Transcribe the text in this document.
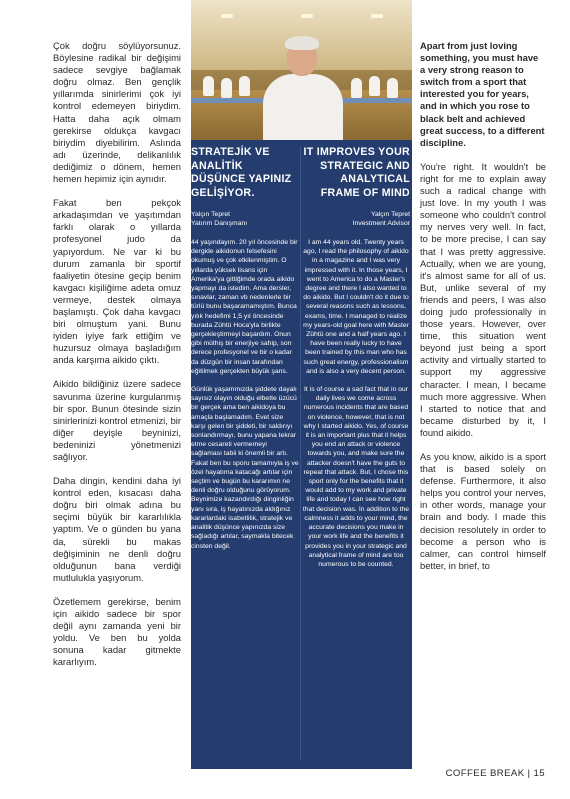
Çok doğru söylüyorsunuz. Böylesine radikal bir değişimi sadece sevgiye bağlamak doğru olmaz. Ben gençlik yıllarımda sinirlerimi çok iyi kontrol edemeyen biriydim. Hatta daha açık olmam gerekirse oldukça kavgacı biriydim diyebilirim. Aslında adı üzerinde, delikanlılık dediğimiz o dönem, hemen hemen hepimiz için aynıdır.

Fakat ben pekçok arkadaşımdan ve yaşıtımdan farklı olarak o yıllarda profesyonel judo da yapıyordum. Ne var ki bu durum zamanla bir sportif faaliyetin ötesine geçip benim kavgacı kişiliğime adeta omuz vermeye, destek olmaya başlamıştı. Çok daha kavgacı biri olmuştum yani. Bunu iyiden iyiye fark ettiğim ve huzursuz olmaya başladığım anda karşıma aikido çıktı.

Aikido bildiğiniz üzere sadece savunma üzerine kurgulanmış bir spor. Bunun ötesinde sizin sinirlerinizi kontrol etmenizi, bir diğer deyişle beyninizi, bedeninizi yönetmenizi sağlıyor.

Daha dingin, kendini daha iyi kontrol eden, kısacası daha doğru biri olmak adına bu seçimi büyük bir kararlılıkla yaptım. Ve o günden bu yana da, sürekli bu makas değişiminin ne denli doğru olduğunun bana verdiği mutlulukla yaşıyorum.

Özetlemem gerekirse, benim için aikido sadece bir spor değil aynı zamanda yeni bir yoldu. Ve ben bu yolda sonuna kadar gitmekte kararlıyım.

STRATEJİK VE ANALİTİK DÜŞÜNCE YAPINIZ GELİŞİYOR.
Yalçın Tepret
Yatırım Danışmanı
44 yaşındayım. 20 yıl öncesinde bir dergide aikidonun felsefesini okumuş ve çok etkilenmiştim. O yıllarda yüksek lisans için Amerika'ya gittiğimde orada aikido yapmayı da istedim. Ama dersler, sınavlar, zaman vb nedenlerle bir türlü bunu başaramamıştım. Bunca yılık hedefimi 1,5 yıl öncesinde burada Zühtü Hoca'yla birlikte gerçekleştirmeyi başardım. Onun gibi müthiş bir enerjiye sahip, son derece profesyonel ve bir o kadar da düzgün bir insan tarafından eğitilmek gerçekten büyük şans.
Günlük yaşammızda şiddete dayalı sayısız olayın olduğu elbette üzücü bir gerçek ama ben aikidoya bu amaçla başlamadım. Evet size karşı gelen bir şiddeti, bir saldırıyı sonlandırmayı, bunu yapana tekrar etme cesareti vermemeyi sağlaması tabii ki önemli bir artı. Fakat ben bu sporu tamamıyla iş ve özel hayatıma katacağı artılar için seçtim ve bugün bu kararımın ne denli doğru olduğunu görüyorum. Beynimize kazandırdığı dinginliğin yanı sıra, iş hayatınızda aldığınız kararlardaki isabetlilik, stratejik ve analitik düşünce yapınızda size sağladığı artılar, saymakla bitecek cinsten değil.
IT IMPROVES YOUR STRATEGIC AND ANALYTICAL FRAME OF MIND
Yalçın Tepret
Investment Advisor
I am 44 years old. Twenty years ago, I read the philosophy of aikido in a magazine and I was very impressed with it. In those years, I went to America to do a Master's degree and there I also wanted to do aikido. But I couldn't do it due to several reasons such as lessons, exams, time. I managed to realize my years-old goal here with Master Zühtü one and a half years ago. I have been really lucky to have been trained by this man who has such great energy, professionalism and is also a very decent person.
It is of course a sad fact that in our daily lives we come across numerous incidents that are based on violence, however, that is not why I started aikido. Yes, of course it is an important plus that it helps you end an attack or violence towards you, and make sure the attacker doesn't have the guts to repeat that attack. But, I chose this sport only for the benefits that it would add to my work and private life and today I can see how right that decision was. In addition to the calmness it adds to your mind, the accurate decisions you make in your work life and the benefits it provides you in your strategic and analytical frame of mind are too numerous to be counted.

Apart from just loving something, you must have a very strong reason to switch from a sport that interested you for years, and in which you rose to black belt and achieved great success, to a different discipline.

You're right. It wouldn't be right for me to explain away such a radical change with just love. In my youth I was someone who couldn't control my nerves very well. In fact, to be more precise, I can say that I was pretty aggressive. Actually, when we are young, it's almost same for all of us. But, unlike several of my friends and peers, I was also doing judo professionally in those years. However, over time, this situation went beyond just being a sport activity and virtually started to support my aggressive character. I mean, I became much more aggressive. When I started to notice that and became disturbed by it, I found aikido.

As you know, aikido is a sport that is based solely on defense. Furthermore, it also helps you control your nerves, in other words, manage your brain and body. I made this decision resolutely in order to become a person who is calmer, can control himself better, in brief, to

COFFEE BREAK | 15
